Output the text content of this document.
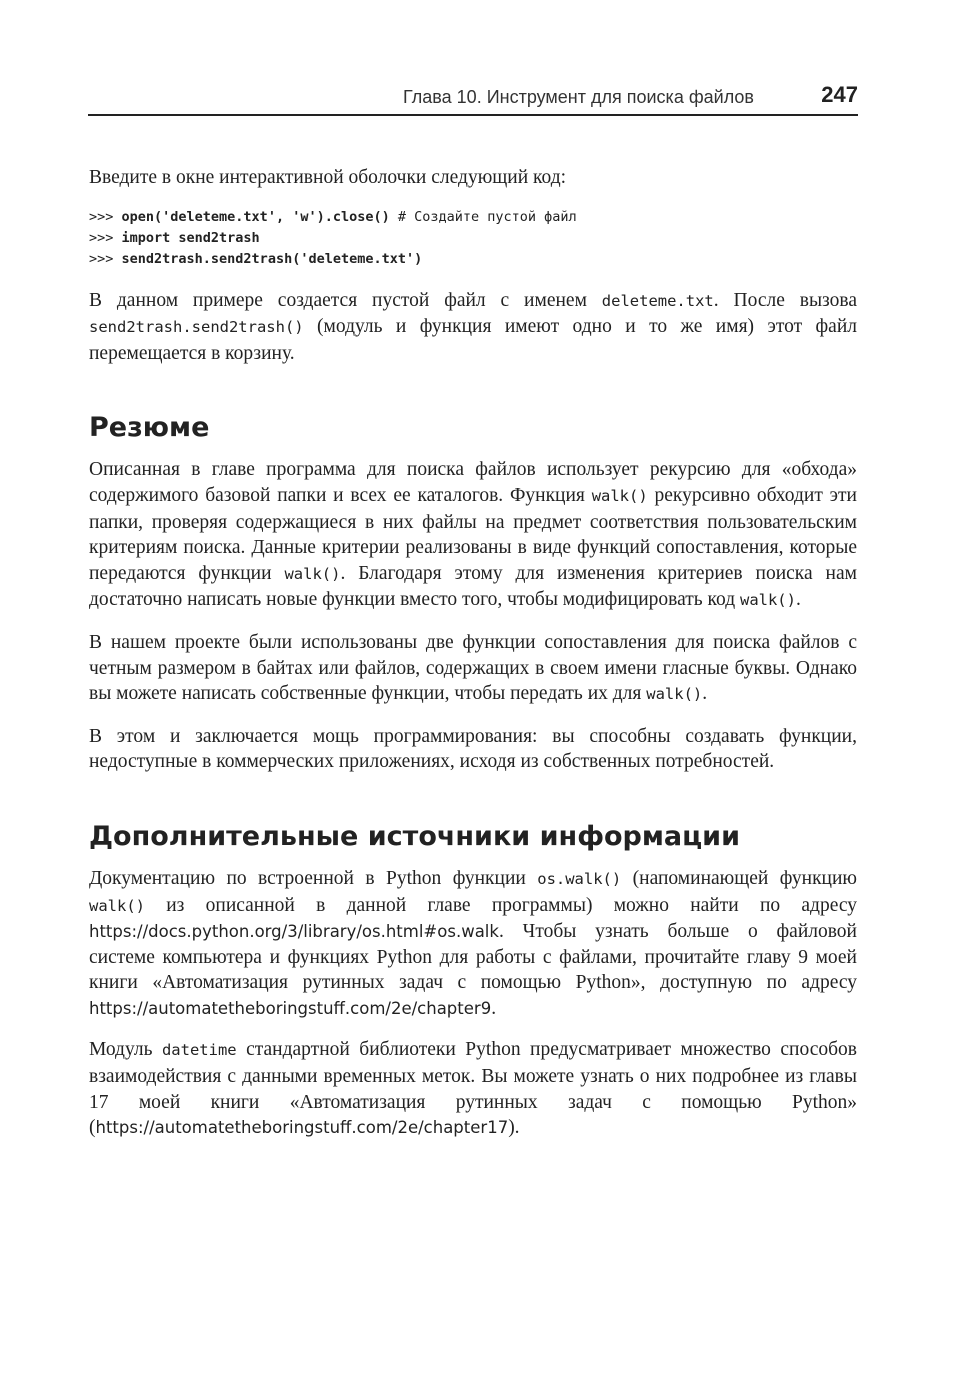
Глава 10. Инструмент для поиска файлов	247

Введите в окне интерактивной оболочки следующий код:

>>> open('deleteme.txt', 'w').close() # Создайте пустой файл
>>> import send2trash
>>> send2trash.send2trash('deleteme.txt')

В данном примере создается пустой файл с именем deleteme.txt. После вызова send2trash.send2trash() (модуль и функция имеют одно и то же имя) этот файл перемещается в корзину.

Резюме

Описанная в главе программа для поиска файлов использует рекурсию для «обхода» содержимого базовой папки и всех ее каталогов. Функция walk() рекурсивно обходит эти папки, проверяя содержащиеся в них файлы на предмет соответствия пользовательским критериям поиска. Данные критерии реализованы в виде функций сопоставления, которые передаются функции walk(). Благодаря этому для изменения критериев поиска нам достаточно написать новые функции вместо того, чтобы модифицировать код walk().

В нашем проекте были использованы две функции сопоставления для поиска файлов с четным размером в байтах или файлов, содержащих в своем имени гласные буквы. Однако вы можете написать собственные функции, чтобы передать их для walk().

В этом и заключается мощь программирования: вы способны создавать функции, недоступные в коммерческих приложениях, исходя из собственных потребностей.

Дополнительные источники информации

Документацию по встроенной в Python функции os.walk() (напоминающей функцию walk() из описанной в данной главе программы) можно найти по адресу https://docs.python.org/3/library/os.html#os.walk. Чтобы узнать больше о файловой системе компьютера и функциях Python для работы с файлами, прочитайте главу 9 моей книги «Автоматизация рутинных задач с помощью Python», доступную по адресу https://automatetheboringstuff.com/2e/chapter9.

Модуль datetime стандартной библиотеки Python предусматривает множество способов взаимодействия с данными временных меток. Вы можете узнать о них подробнее из главы 17 моей книги «Автоматизация рутинных задач с помощью Python» (https://automatetheboringstuff.com/2e/chapter17).
